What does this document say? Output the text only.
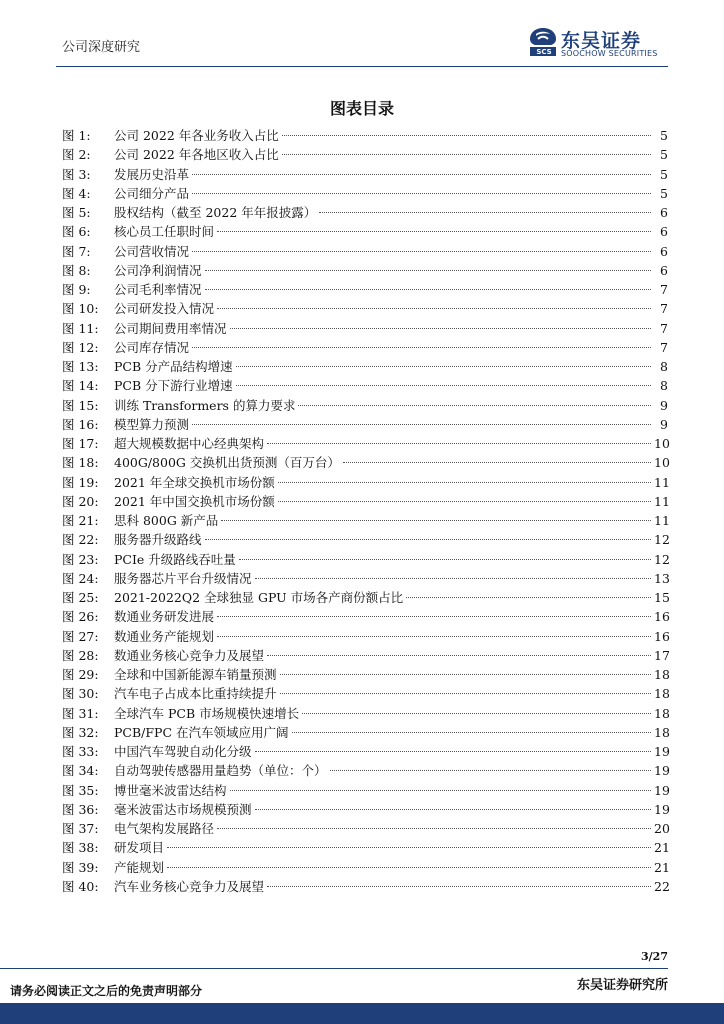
公司深度研究	SCS 东吴证券
SOOCHOW SECURITIES
图表目录
图 1:	公司 2022 年各业务收入占比	5
图 2:	公司 2022 年各地区收入占比	5
图 3:	发展历史沿革	5
图 4:	公司细分产品	5
图 5:	股权结构（截至 2022 年年报披露）	6
图 6:	核心员工任职时间	6
图 7:	公司营收情况	6
图 8:	公司净利润情况	6
图 9:	公司毛利率情况	7
图 10:	公司研发投入情况	7
图 11:	公司期间费用率情况	7
图 12:	公司库存情况	7
图 13:	PCB 分产品结构增速	8
图 14:	PCB 分下游行业增速	8
图 15:	训练 Transformers 的算力要求	9
图 16:	模型算力预测	9
图 17:	超大规模数据中心经典架构	10
图 18:	400G/800G 交换机出货预测（百万台）	10
图 19:	2021 年全球交换机市场份额	11
图 20:	2021 年中国交换机市场份额	11
图 21:	思科 800G 新产品	11
图 22:	服务器升级路线	12
图 23:	PCIe 升级路线吞吐量	12
图 24:	服务器芯片平台升级情况	13
图 25:	2021-2022Q2 全球独显 GPU 市场各产商份额占比	15
图 26:	数通业务研发进展	16
图 27:	数通业务产能规划	16
图 28:	数通业务核心竞争力及展望	17
图 29:	全球和中国新能源车销量预测	18
图 30:	汽车电子占成本比重持续提升	18
图 31:	全球汽车 PCB 市场规模快速增长	18
图 32:	PCB/FPC 在汽车领域应用广阔	18
图 33:	中国汽车驾驶自动化分级	19
图 34:	自动驾驶传感器用量趋势（单位：个）	19
图 35:	博世毫米波雷达结构	19
图 36:	毫米波雷达市场规模预测	19
图 37:	电气架构发展路径	20
图 38:	研发项目	21
图 39:	产能规划	21
图 40:	汽车业务核心竞争力及展望	22
3/27
请务必阅读正文之后的免责声明部分	东吴证券研究所
